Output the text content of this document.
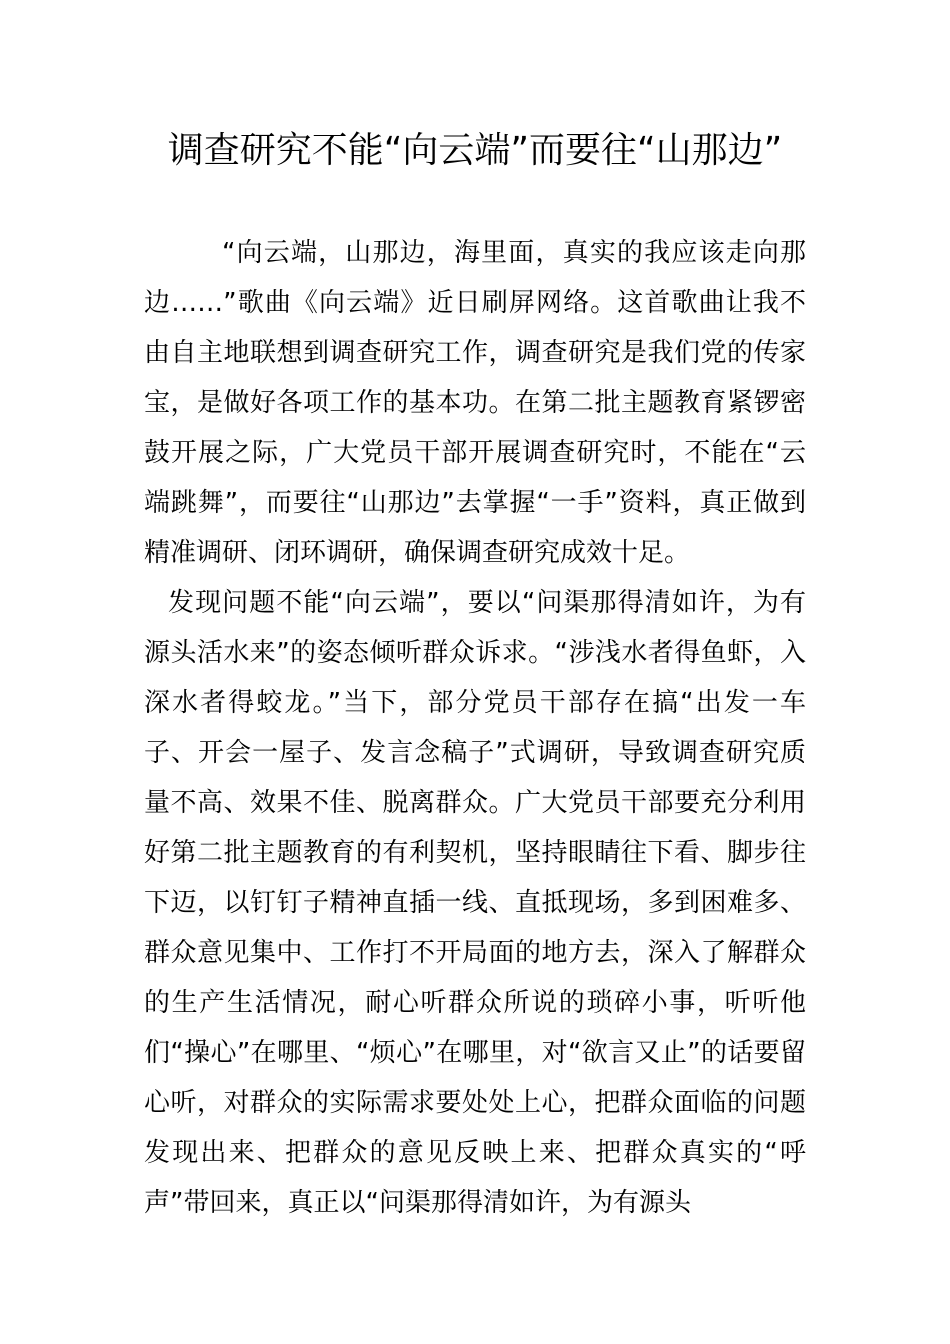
调查研究不能“向云端”而要往“山那边”

“向云端，山那边，海里面，真实的我应该走向那边……”歌曲《向云端》近日刷屏网络。这首歌曲让我不由自主地联想到调查研究工作，调查研究是我们党的传家宝，是做好各项工作的基本功。在第二批主题教育紧锣密鼓开展之际，广大党员干部开展调查研究时，不能在“云端跳舞”，而要往“山那边”去掌握“一手”资料，真正做到精准调研、闭环调研，确保调查研究成效十足。

发现问题不能“向云端”，要以“问渠那得清如许，为有源头活水来”的姿态倾听群众诉求。“涉浅水者得鱼虾，入深水者得蛟龙。”当下，部分党员干部存在搞“出发一车子、开会一屋子、发言念稿子”式调研，导致调查研究质量不高、效果不佳、脱离群众。广大党员干部要充分利用好第二批主题教育的有利契机，坚持眼睛往下看、脚步往下迈，以钉钉子精神直插一线、直抵现场，多到困难多、群众意见集中、工作打不开局面的地方去，深入了解群众的生产生活情况，耐心听群众所说的琐碎小事，听听他们“操心”在哪里、“烦心”在哪里，对“欲言又止”的话要留心听，对群众的实际需求要处处上心，把群众面临的问题发现出来、把群众的意见反映上来、把群众真实的“呼声”带回来，真正以“问渠那得清如许，为有源头
